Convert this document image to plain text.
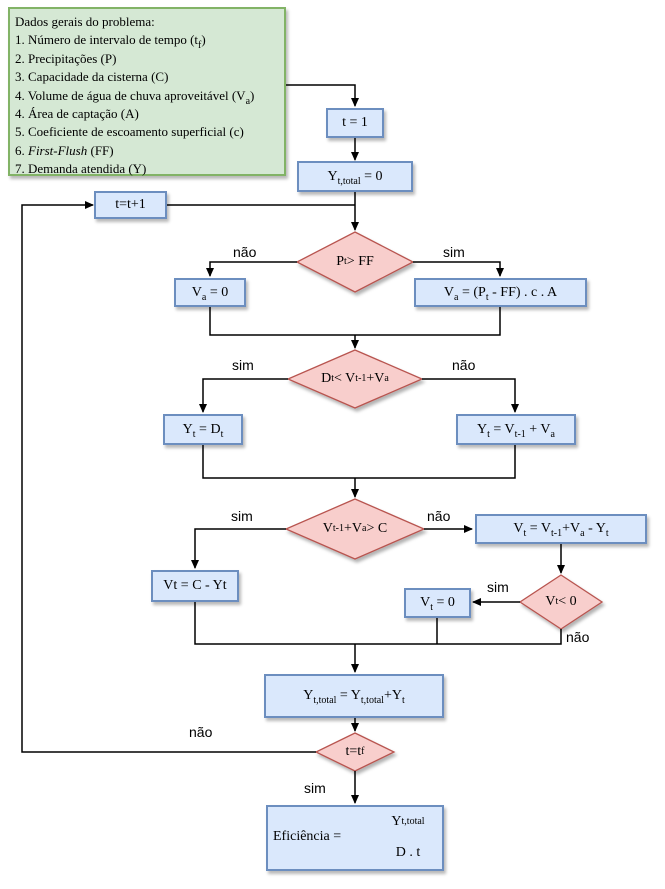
Dados gerais do problema:
1. Número de intervalo de tempo $(t_f)$
2. Precipitações (P)
3. Capacidade da cisterna (C)
4. Volume de água de chuva aproveitável $(V_a)$
4. Área de captação (A)
5. Coeficiente de escoamento superficial (c)
6. First-Flush (FF)
7. Demanda atendida (Y)
t = 1
$Y_{t,total} = 0$
t=t+1
$V_a = 0$	$V_a = (P_t - FF)$ . c . A
$Y_t = D_t$	$Y_t = V_{t-1} + V_a$
$V_t = V_{t-1}+V_a - Y_t$
Vt = C - Yt
$V_t = 0$
$Y_{t,total} = Y_{t,total}+Y_t$
Eficiência =
Y t,total
D . t
P t > FF
D t < V t-1 +V a
V t-1 +V a > C
V t < 0
t=t f
não	sim
sim	não
sim	não
sim
não
não
sim
